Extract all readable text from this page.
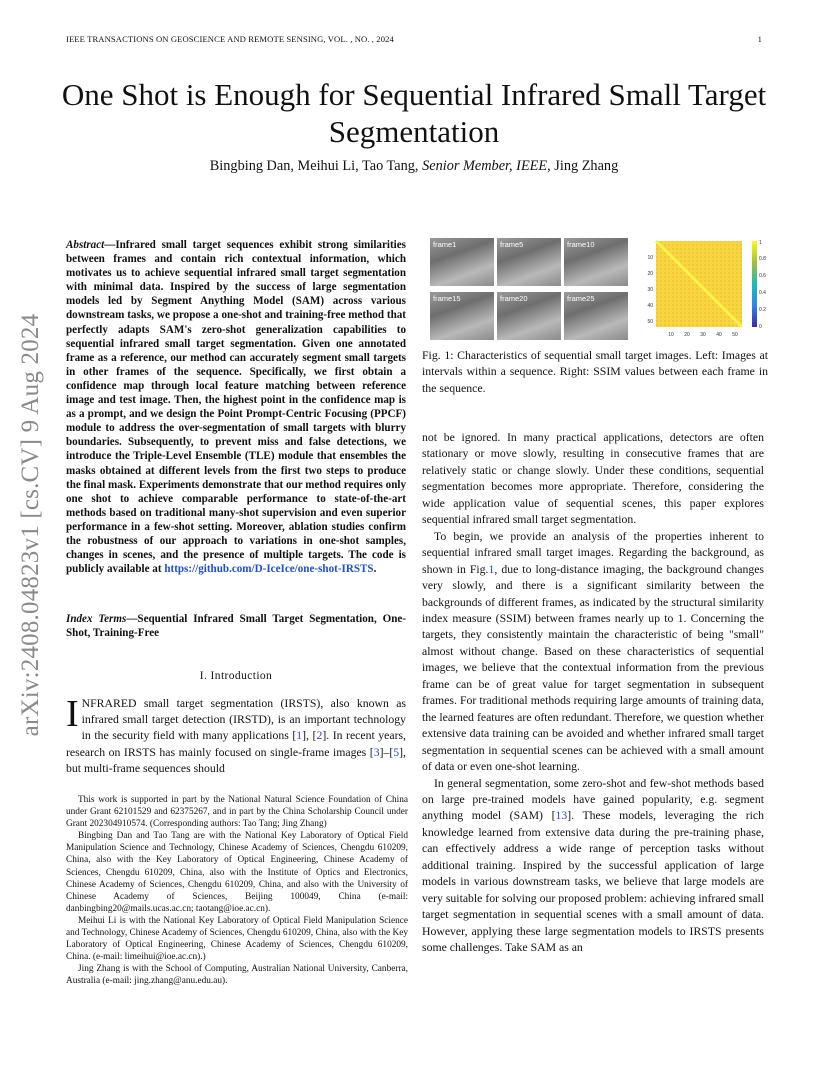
IEEE TRANSACTIONS ON GEOSCIENCE AND REMOTE SENSING, VOL. , NO. , 2024	1
One Shot is Enough for Sequential Infrared Small Target Segmentation
Bingbing Dan, Meihui Li, Tao Tang, Senior Member, IEEE, Jing Zhang
arXiv:2408.04823v1 [cs.CV] 9 Aug 2024
Abstract—Infrared small target sequences exhibit strong similarities between frames and contain rich contextual information, which motivates us to achieve sequential infrared small target segmentation with minimal data. Inspired by the success of large segmentation models led by Segment Anything Model (SAM) across various downstream tasks, we propose a one-shot and training-free method that perfectly adapts SAM's zero-shot generalization capabilities to sequential infrared small target segmentation. Given one annotated frame as a reference, our method can accurately segment small targets in other frames of the sequence. Specifically, we first obtain a confidence map through local feature matching between reference image and test image. Then, the highest point in the confidence map is as a prompt, and we design the Point Prompt-Centric Focusing (PPCF) module to address the over-segmentation of small targets with blurry boundaries. Subsequently, to prevent miss and false detections, we introduce the Triple-Level Ensemble (TLE) module that ensembles the masks obtained at different levels from the first two steps to produce the final mask. Experiments demonstrate that our method requires only one shot to achieve comparable performance to state-of-the-art methods based on traditional many-shot supervision and even superior performance in a few-shot setting. Moreover, ablation studies confirm the robustness of our approach to variations in one-shot samples, changes in scenes, and the presence of multiple targets. The code is publicly available at https://github.com/D-IceIce/one-shot-IRSTS.
Index Terms—Sequential Infrared Small Target Segmentation, One-Shot, Training-Free
I. Introduction
INFRARED small target segmentation (IRSTS), also known as infrared small target detection (IRSTD), is an important technology in the security field with many applications [1], [2]. In recent years, research on IRSTS has mainly focused on single-frame images [3]–[5], but multi-frame sequences should

This work is supported in part by the National Natural Science Foundation of China under Grant 62101529 and 62375267, and in part by the China Scholarship Council under Grant 202304910574. (Corresponding authors: Tao Tang; Jing Zhang)

Bingbing Dan and Tao Tang are with the National Key Laboratory of Optical Field Manipulation Science and Technology, Chinese Academy of Sciences, Chengdu 610209, China, also with the Key Laboratory of Optical Engineering, Chinese Academy of Sciences, Chengdu 610209, China, also with the Institute of Optics and Electronics, Chinese Academy of Sciences, Chengdu 610209, China, and also with the University of Chinese Academy of Sciences, Beijing 100049, China (e-mail: danbingbing20@mails.ucas.ac.cn; taotang@ioe.ac.cn).

Meihui Li is with the National Key Laboratory of Optical Field Manipulation Science and Technology, Chinese Academy of Sciences, Chengdu 610209, China, also with the Key Laboratory of Optical Engineering, Chinese Academy of Sciences, Chengdu 610209, China. (e-mail: limeihui@ioe.ac.cn).)

Jing Zhang is with the School of Computing, Australian National University, Canberra, Australia (e-mail: jing.zhang@anu.edu.au).

frame1	frame5	frame10
frame15	frame20	frame25
10
20
30
40
50
10 20 30 40 50
1
0.8
0.6
0.4
0.2
0
Fig. 1: Characteristics of sequential small target images. Left: Images at intervals within a sequence. Right: SSIM values between each frame in the sequence.

not be ignored. In many practical applications, detectors are often stationary or move slowly, resulting in consecutive frames that are relatively static or change slowly. Under these conditions, sequential segmentation becomes more appropriate. Therefore, considering the wide application value of sequential scenes, this paper explores sequential infrared small target segmentation.

To begin, we provide an analysis of the properties inherent to sequential infrared small target images. Regarding the background, as shown in Fig.1, due to long-distance imaging, the background changes very slowly, and there is a significant similarity between the backgrounds of different frames, as indicated by the structural similarity index measure (SSIM) between frames nearly up to 1. Concerning the targets, they consistently maintain the characteristic of being "small" almost without change. Based on these characteristics of sequential images, we believe that the contextual information from the previous frame can be of great value for target segmentation in subsequent frames. For traditional methods requiring large amounts of training data, the learned features are often redundant. Therefore, we question whether extensive data training can be avoided and whether infrared small target segmentation in sequential scenes can be achieved with a small amount of data or even one-shot learning.

In general segmentation, some zero-shot and few-shot methods based on large pre-trained models have gained popularity, e.g. segment anything model (SAM) [13]. These models, leveraging the rich knowledge learned from extensive data during the pre-training phase, can effectively address a wide range of perception tasks without additional training. Inspired by the successful application of large models in various downstream tasks, we believe that large models are very suitable for solving our proposed problem: achieving infrared small target segmentation in sequential scenes with a small amount of data. However, applying these large segmentation models to IRSTS presents some challenges. Take SAM as an
